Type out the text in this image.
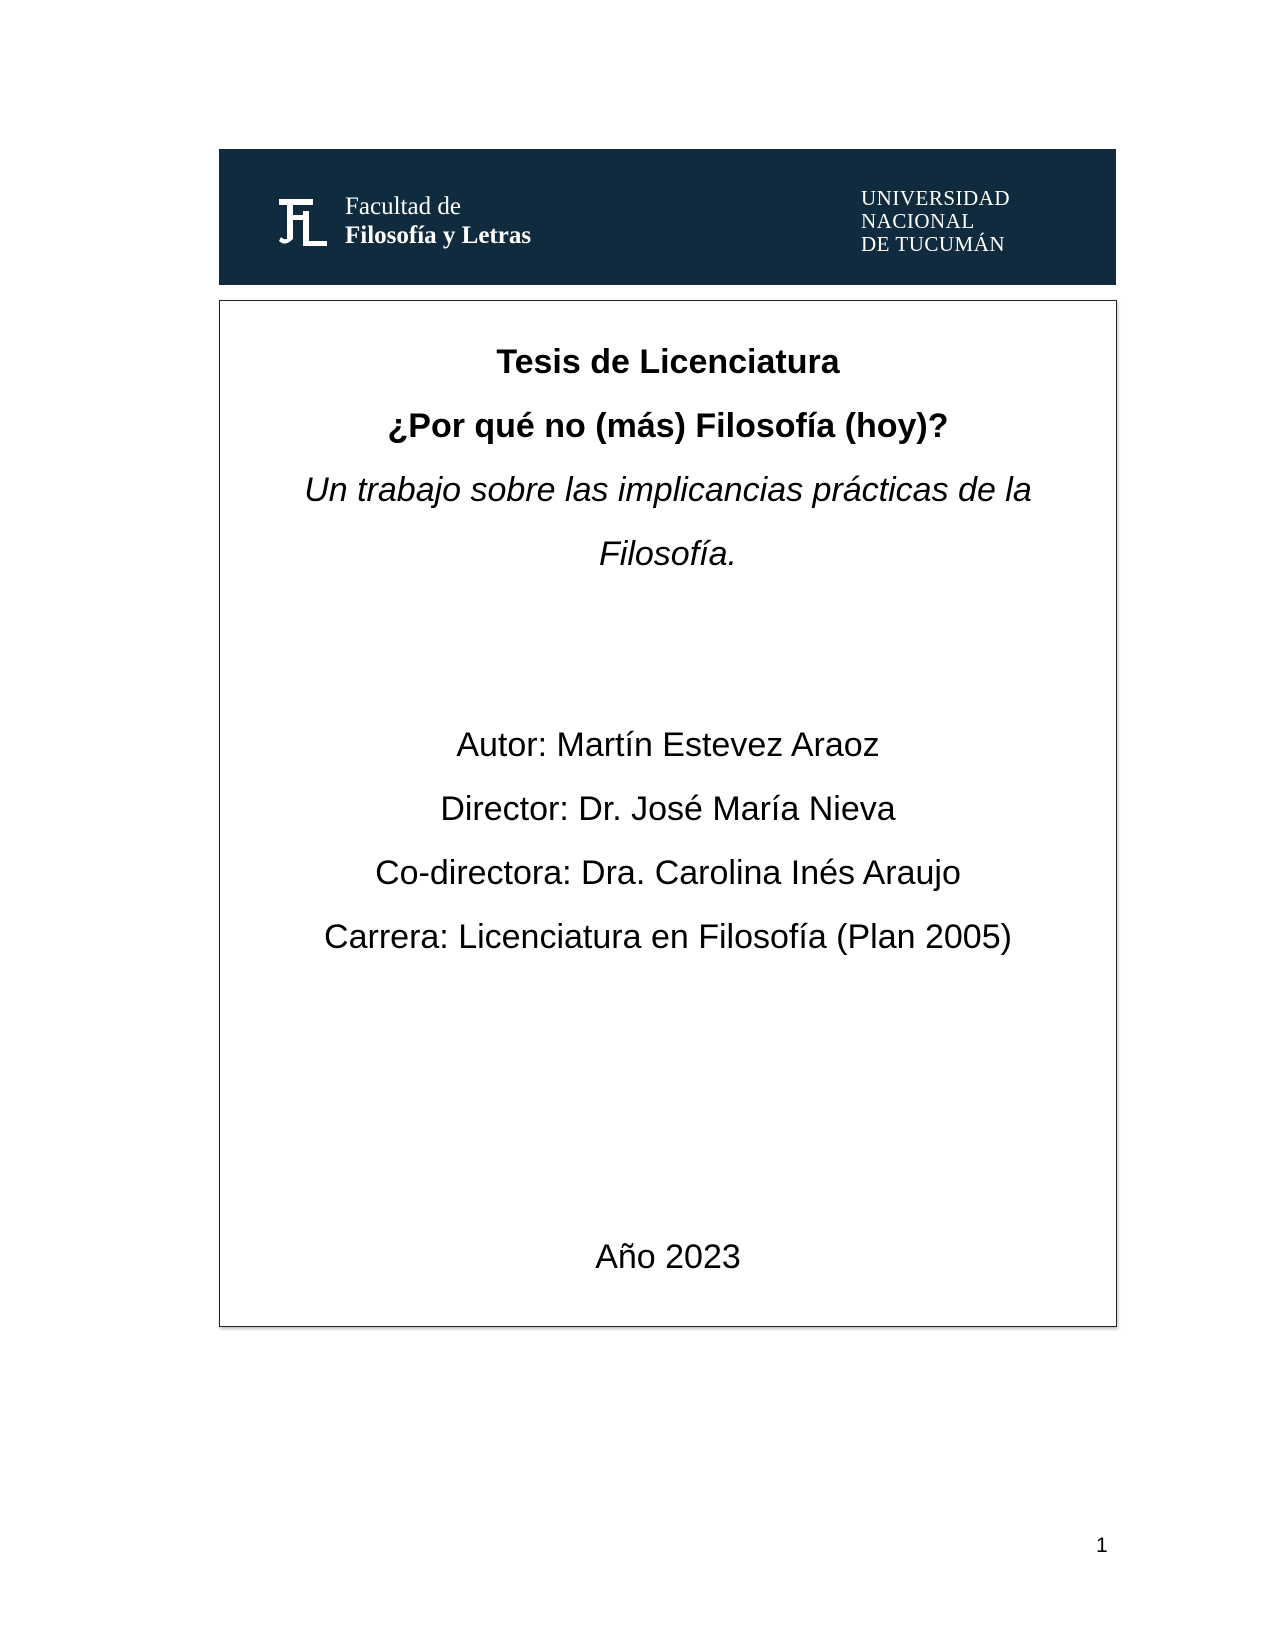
Facultad de
Filosofía y Letras
UNIVERSIDAD
NACIONAL
DE TUCUMÁN
Tesis de Licenciatura
¿Por qué no (más) Filosofía (hoy)?
Un trabajo sobre las implicancias prácticas de la
Filosofía.
Autor: Martín Estevez Araoz
Director: Dr. José María Nieva
Co-directora: Dra. Carolina Inés Araujo
Carrera: Licenciatura en Filosofía (Plan 2005)
Año 2023
1
